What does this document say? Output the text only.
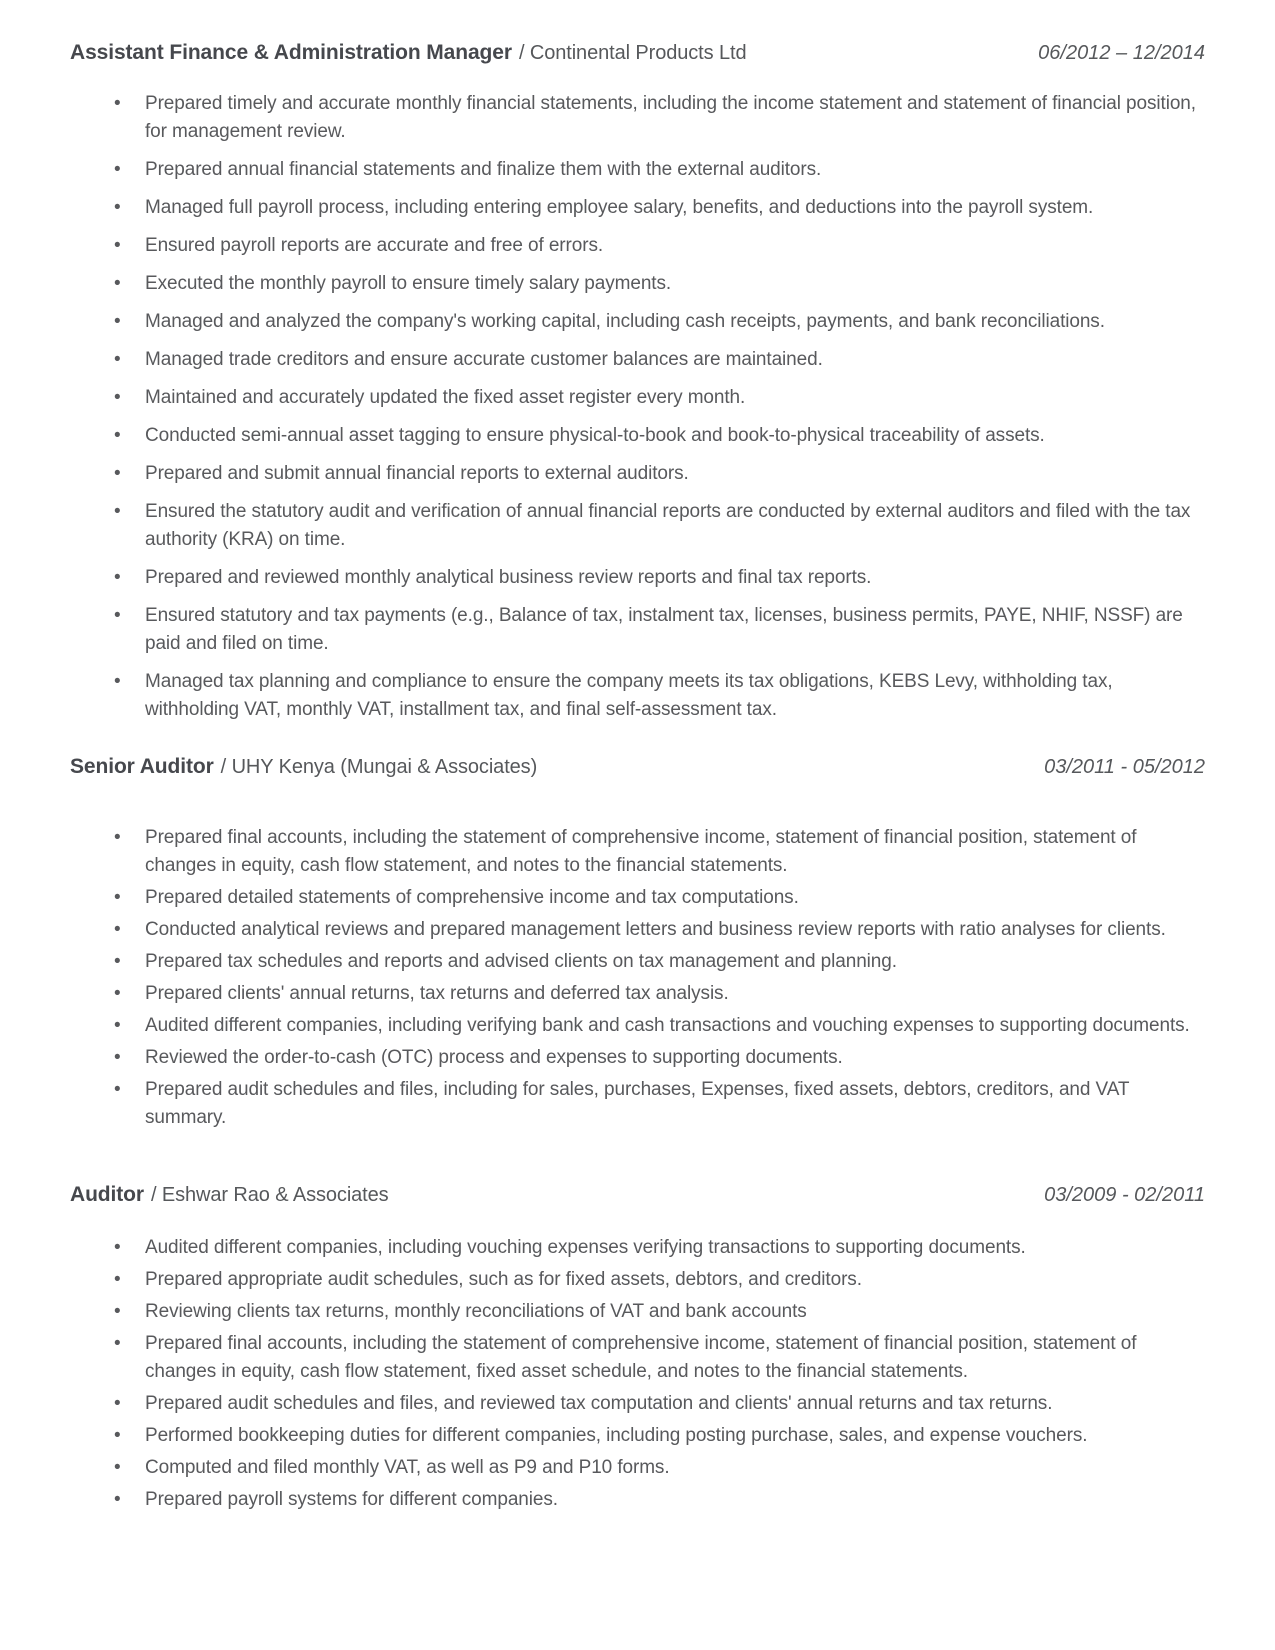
Assistant Finance & Administration Manager / Continental Products Ltd	06/2012 – 12/2014
• Prepared timely and accurate monthly financial statements, including the income statement and statement of financial position, for management review.
• Prepared annual financial statements and finalize them with the external auditors.
• Managed full payroll process, including entering employee salary, benefits, and deductions into the payroll system.
• Ensured payroll reports are accurate and free of errors.
• Executed the monthly payroll to ensure timely salary payments.
• Managed and analyzed the company's working capital, including cash receipts, payments, and bank reconciliations.
• Managed trade creditors and ensure accurate customer balances are maintained.
• Maintained and accurately updated the fixed asset register every month.
• Conducted semi-annual asset tagging to ensure physical-to-book and book-to-physical traceability of assets.
• Prepared and submit annual financial reports to external auditors.
• Ensured the statutory audit and verification of annual financial reports are conducted by external auditors and filed with the tax authority (KRA) on time.
• Prepared and reviewed monthly analytical business review reports and final tax reports.
• Ensured statutory and tax payments (e.g., Balance of tax, instalment tax, licenses, business permits, PAYE, NHIF, NSSF) are paid and filed on time.
• Managed tax planning and compliance to ensure the company meets its tax obligations, KEBS Levy, withholding tax, withholding VAT, monthly VAT, installment tax, and final self-assessment tax.
Senior Auditor / UHY Kenya (Mungai & Associates)	03/2011 - 05/2012
• Prepared final accounts, including the statement of comprehensive income, statement of financial position, statement of changes in equity, cash flow statement, and notes to the financial statements.
• Prepared detailed statements of comprehensive income and tax computations.
• Conducted analytical reviews and prepared management letters and business review reports with ratio analyses for clients.
• Prepared tax schedules and reports and advised clients on tax management and planning.
• Prepared clients' annual returns, tax returns and deferred tax analysis.
• Audited different companies, including verifying bank and cash transactions and vouching expenses to supporting documents.
• Reviewed the order-to-cash (OTC) process and expenses to supporting documents.
• Prepared audit schedules and files, including for sales, purchases, Expenses, fixed assets, debtors, creditors, and VAT summary.
Auditor / Eshwar Rao & Associates	03/2009 - 02/2011
• Audited different companies, including vouching expenses verifying transactions to supporting documents.
• Prepared appropriate audit schedules, such as for fixed assets, debtors, and creditors.
• Reviewing clients tax returns, monthly reconciliations of VAT and bank accounts
• Prepared final accounts, including the statement of comprehensive income, statement of financial position, statement of changes in equity, cash flow statement, fixed asset schedule, and notes to the financial statements.
• Prepared audit schedules and files, and reviewed tax computation and clients' annual returns and tax returns.
• Performed bookkeeping duties for different companies, including posting purchase, sales, and expense vouchers.
• Computed and filed monthly VAT, as well as P9 and P10 forms.
• Prepared payroll systems for different companies.
